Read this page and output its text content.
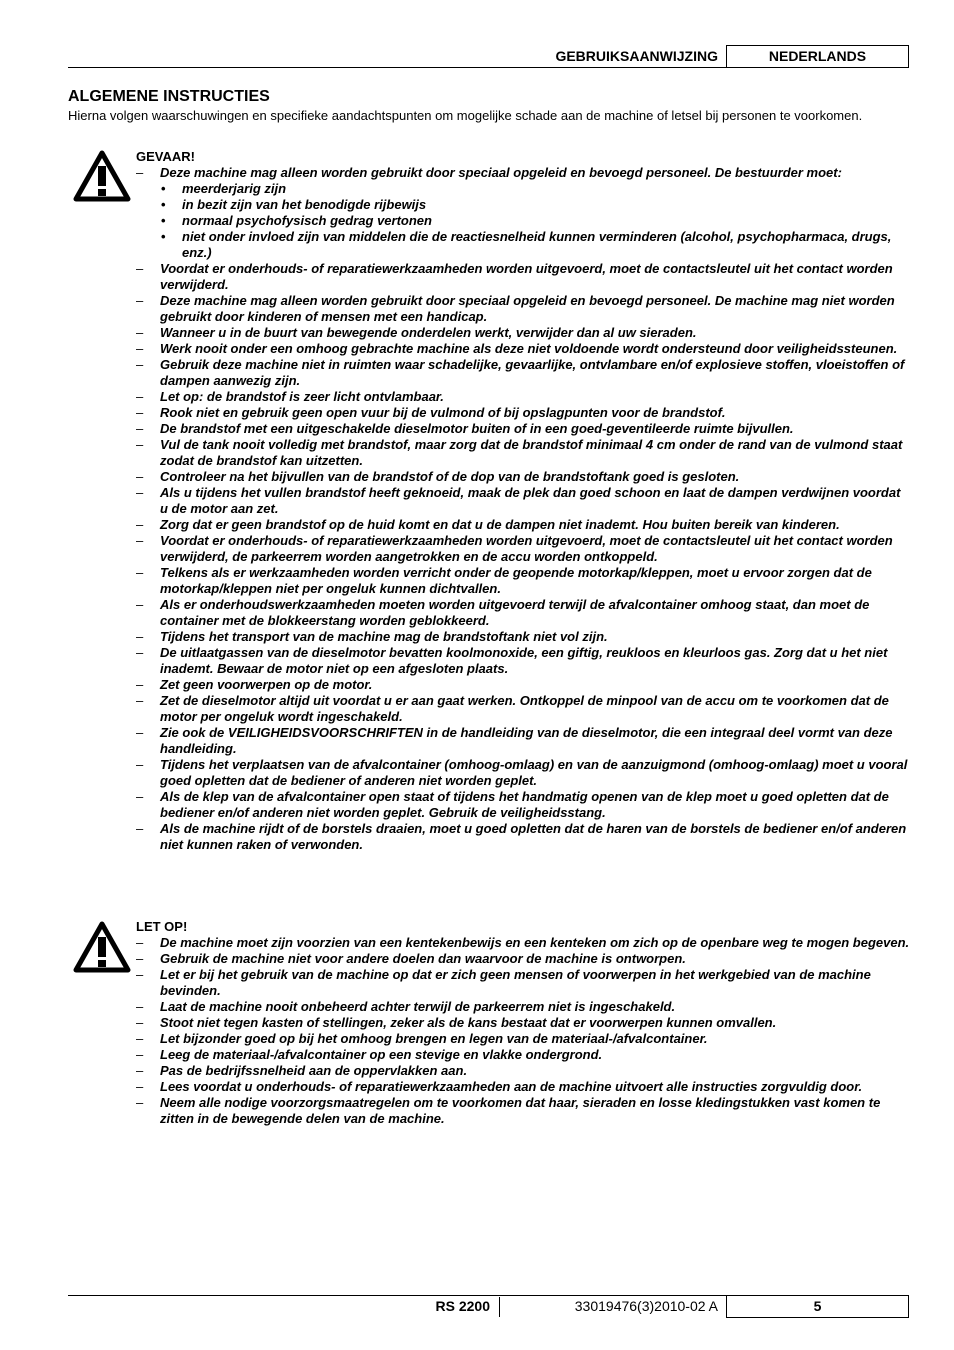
GEBRUIKSAANWIJZING	NEDERLANDS
ALGEMENE INSTRUCTIES
Hierna volgen waarschuwingen en specifieke aandachtspunten om mogelijke schade aan de machine of letsel bij personen te voorkomen.
GEVAAR!
– Deze machine mag alleen worden gebruikt door speciaal opgeleid en bevoegd personeel. De bestuurder moet:
• meerderjarig zijn
• in bezit zijn van het benodigde rijbewijs
• normaal psychofysisch gedrag vertonen
• niet onder invloed zijn van middelen die de reactiesnelheid kunnen verminderen (alcohol, psychopharmaca, drugs, enz.)
– Voordat er onderhouds- of reparatiewerkzaamheden worden uitgevoerd, moet de contactsleutel uit het contact worden verwijderd.
– Deze machine mag alleen worden gebruikt door speciaal opgeleid en bevoegd personeel. De machine mag niet worden gebruikt door kinderen of mensen met een handicap.
– Wanneer u in de buurt van bewegende onderdelen werkt, verwijder dan al uw sieraden.
– Werk nooit onder een omhoog gebrachte machine als deze niet voldoende wordt ondersteund door veiligheidssteunen.
– Gebruik deze machine niet in ruimten waar schadelijke, gevaarlijke, ontvlambare en/of explosieve stoffen, vloeistoffen of dampen aanwezig zijn.
– Let op: de brandstof is zeer licht ontvlambaar.
– Rook niet en gebruik geen open vuur bij de vulmond of bij opslagpunten voor de brandstof.
– De brandstof met een uitgeschakelde dieselmotor buiten of in een goed-geventileerde ruimte bijvullen.
– Vul de tank nooit volledig met brandstof, maar zorg dat de brandstof minimaal 4 cm onder de rand van de vulmond staat zodat de brandstof kan uitzetten.
– Controleer na het bijvullen van de brandstof of de dop van de brandstoftank goed is gesloten.
– Als u tijdens het vullen brandstof heeft geknoeid, maak de plek dan goed schoon en laat de dampen verdwijnen voordat u de motor aan zet.
– Zorg dat er geen brandstof op de huid komt en dat u de dampen niet inademt. Hou buiten bereik van kinderen.
– Voordat er onderhouds- of reparatiewerkzaamheden worden uitgevoerd, moet de contactsleutel uit het contact worden verwijderd, de parkeerrem worden aangetrokken en de accu worden ontkoppeld.
– Telkens als er werkzaamheden worden verricht onder de geopende motorkap/kleppen, moet u ervoor zorgen dat de motorkap/kleppen niet per ongeluk kunnen dichtvallen.
– Als er onderhoudswerkzaamheden moeten worden uitgevoerd terwijl de afvalcontainer omhoog staat, dan moet de container met de blokkeerstang worden geblokkeerd.
– Tijdens het transport van de machine mag de brandstoftank niet vol zijn.
– De uitlaatgassen van de dieselmotor bevatten koolmonoxide, een giftig, reukloos en kleurloos gas. Zorg dat u het niet inademt. Bewaar de motor niet op een afgesloten plaats.
– Zet geen voorwerpen op de motor.
– Zet de dieselmotor altijd uit voordat u er aan gaat werken. Ontkoppel de minpool van de accu om te voorkomen dat de motor per ongeluk wordt ingeschakeld.
– Zie ook de VEILIGHEIDSVOORSCHRIFTEN in de handleiding van de dieselmotor, die een integraal deel vormt van deze handleiding.
– Tijdens het verplaatsen van de afvalcontainer (omhoog-omlaag) en van de aanzuigmond (omhoog-omlaag) moet u vooral goed opletten dat de bediener of anderen niet worden geplet.
– Als de klep van de afvalcontainer open staat of tijdens het handmatig openen van de klep moet u goed opletten dat de bediener en/of anderen niet worden geplet. Gebruik de veiligheidsstang.
– Als de machine rijdt of de borstels draaien, moet u goed opletten dat de haren van de borstels de bediener en/of anderen niet kunnen raken of verwonden.
LET OP!
– De machine moet zijn voorzien van een kentekenbewijs en een kenteken om zich op de openbare weg te mogen begeven.
– Gebruik de machine niet voor andere doelen dan waarvoor de machine is ontworpen.
– Let er bij het gebruik van de machine op dat er zich geen mensen of voorwerpen in het werkgebied van de machine bevinden.
– Laat de machine nooit onbeheerd achter terwijl de parkeerrem niet is ingeschakeld.
– Stoot niet tegen kasten of stellingen, zeker als de kans bestaat dat er voorwerpen kunnen omvallen.
– Let bijzonder goed op bij het omhoog brengen en legen van de materiaal-/afvalcontainer.
– Leeg de materiaal-/afvalcontainer op een stevige en vlakke ondergrond.
– Pas de bedrijfssnelheid aan de oppervlakken aan.
– Lees voordat u onderhouds- of reparatiewerkzaamheden aan de machine uitvoert alle instructies zorgvuldig door.
– Neem alle nodige voorzorgsmaatregelen om te voorkomen dat haar, sieraden en losse kledingstukken vast komen te zitten in de bewegende delen van de machine.
RS 2200	33019476(3)2010-02 A	5
